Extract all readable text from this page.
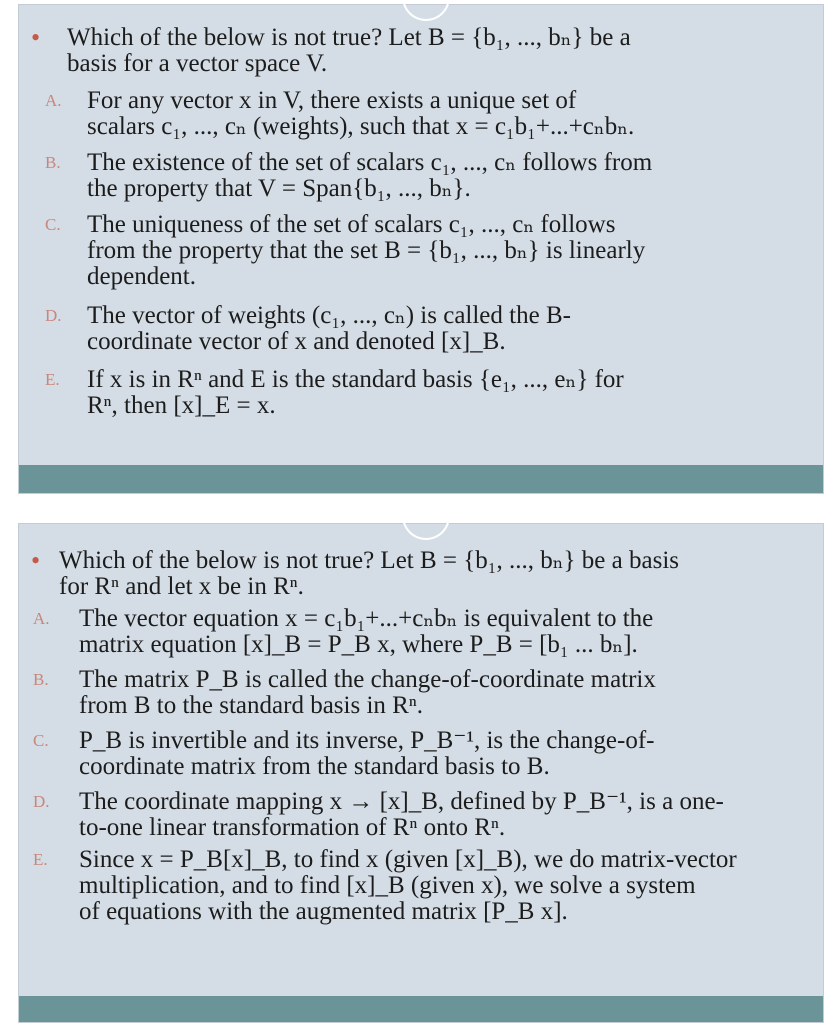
• Which of the below is not true? Let B = {b₁, ..., bₙ} be a
basis for a vector space V.
A. For any vector x in V, there exists a unique set of
scalars c₁, ..., cₙ (weights), such that x = c₁b₁+...+cₙbₙ.
B. The existence of the set of scalars c₁, ..., cₙ follows from
the property that V = Span{b₁, ..., bₙ}.
C. The uniqueness of the set of scalars c₁, ..., cₙ follows
from the property that the set B = {b₁, ..., bₙ} is linearly
dependent.
D. The vector of weights (c₁, ..., cₙ) is called the B-
coordinate vector of x and denoted [x]_B.
E. If x is in Rⁿ and E is the standard basis {e₁, ..., eₙ} for
Rⁿ, then [x]_E = x.
• Which of the below is not true? Let B = {b₁, ..., bₙ} be a basis
for Rⁿ and let x be in Rⁿ.
A. The vector equation x = c₁b₁+...+cₙbₙ is equivalent to the
matrix equation [x]_B = P_B x, where P_B = [b₁ ... bₙ].
B. The matrix P_B is called the change-of-coordinate matrix
from B to the standard basis in Rⁿ.
C. P_B is invertible and its inverse, P_B⁻¹, is the change-of-
coordinate matrix from the standard basis to B.
D. The coordinate mapping x → [x]_B, defined by P_B⁻¹, is a one-
to-one linear transformation of Rⁿ onto Rⁿ.
E. Since x = P_B[x]_B, to find x (given [x]_B), we do matrix-vector
multiplication, and to find [x]_B (given x), we solve a system
of equations with the augmented matrix [P_B x].
